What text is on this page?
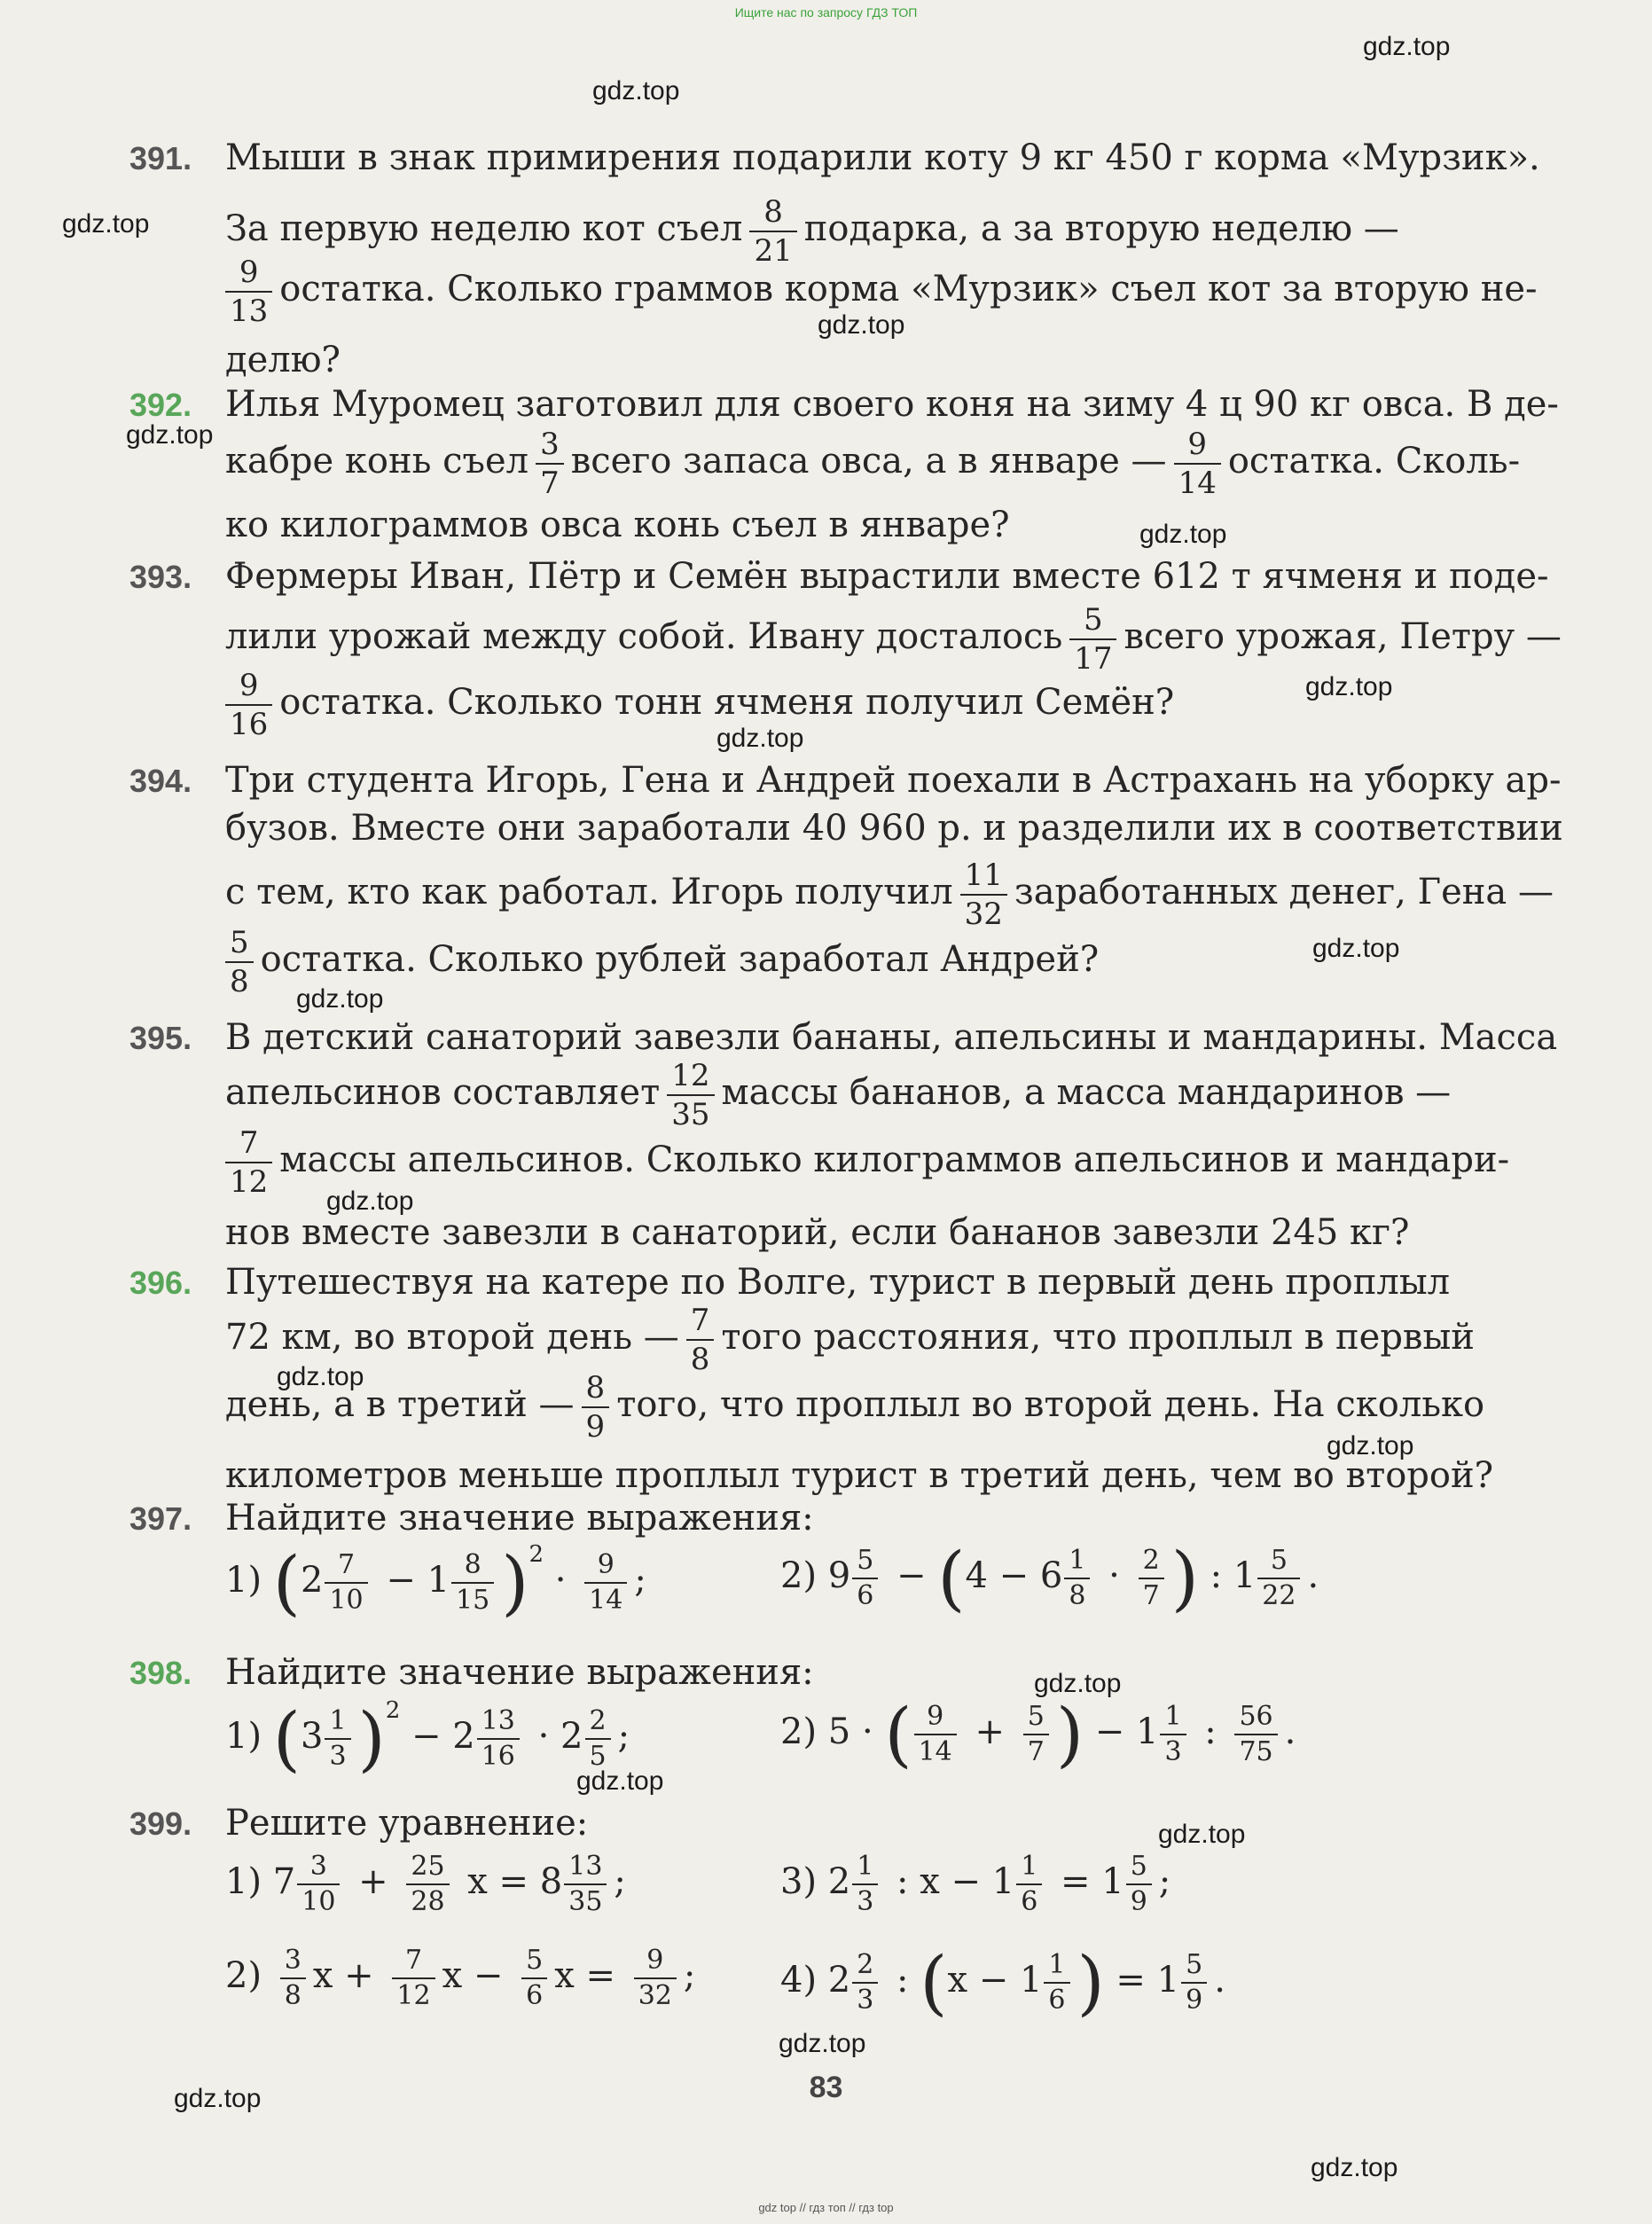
Ищите нас по запросу ГДЗ ТОП
gdz.top
gdz.top
gdz.top
gdz.top
gdz.top
gdz.top
gdz.top
gdz.top
gdz.top
gdz.top
gdz.top
gdz.top
gdz.top
gdz.top
gdz.top
gdz.top
gdz.top
gdz.top
gdz.top
391. Мыши в знак примирения подарили коту 9 кг 450 г корма «Мурзик».
За первую неделю кот съел $\frac{8}{21}$ подарка, а за вторую неделю —
$\frac{9}{13}$ остатка. Сколько граммов корма «Мурзик» съел кот за вторую не-
делю?
392. Илья Муромец заготовил для своего коня на зиму 4 ц 90 кг овса. В де-
кабре конь съел $\frac{3}{7}$ всего запаса овса, а в январе — $\frac{9}{14}$ остатка. Сколь-
ко килограммов овса конь съел в январе?
393. Фермеры Иван, Пётр и Семён вырастили вместе 612 т ячменя и поде-
лили урожай между собой. Ивану досталось $\frac{5}{17}$ всего урожая, Петру —
$\frac{9}{16}$ остатка. Сколько тонн ячменя получил Семён?
394. Три студента Игорь, Гена и Андрей поехали в Астрахань на уборку ар-
бузов. Вместе они заработали 40 960 р. и разделили их в соответствии
с тем, кто как работал. Игорь получил $\frac{11}{32}$ заработанных денег, Гена —
$\frac{5}{8}$ остатка. Сколько рублей заработал Андрей?
395. В детский санаторий завезли бананы, апельсины и мандарины. Масса
апельсинов составляет $\frac{12}{35}$ массы бананов, а масса мандаринов —
$\frac{7}{12}$ массы апельсинов. Сколько килограммов апельсинов и мандари-
нов вместе завезли в санаторий, если бананов завезли 245 кг?
396. Путешествуя на катере по Волге, турист в первый день проплыл
72 км, во второй день — $\frac{7}{8}$ того расстояния, что проплыл в первый
день, а в третий — $\frac{8}{9}$ того, что проплыл во второй день. На сколько
километров меньше проплыл турист в третий день, чем во второй?
397. Найдите значение выражения:
1) $(2 \frac{7}{10} - 1 \frac{8}{15} )^2 \cdot \frac{9}{14}$ ;	2) $9 \frac{5}{6} - (4 - 6 \frac{1}{8} \cdot \frac{2}{7}$ ) : $1 \frac{5}{22}$ .
398. Найдите значение выражения:
1) $(3 \frac{1}{3} )^2 - 2 \frac{13}{16} \cdot 2 \frac{2}{5}$ ;	2) 5 · ( $\frac{9}{14} + \frac{5}{7}$ ) − $1 \frac{1}{3}$ : $\frac{56}{75}$ .
399. Решите уравнение:
1) $7 \frac{3}{10} + \frac{25}{28}$ $x = 8 \frac{13}{35}$ ;	3) $2 \frac{1}{3}$ : $x - 1 \frac{1}{6} = 1 \frac{5}{9}$ ;
$2) \frac{3}{8}$ $x + \frac{7}{12}$ $x - \frac{5}{6}$ $x = \frac{9}{32}$ ; 4) $2 \frac{2}{3}$ : ($x - 1 \frac{1}{6}$ ) = $1 \frac{5}{9}$ .
83
gdz top // гдз топ // гдз top
